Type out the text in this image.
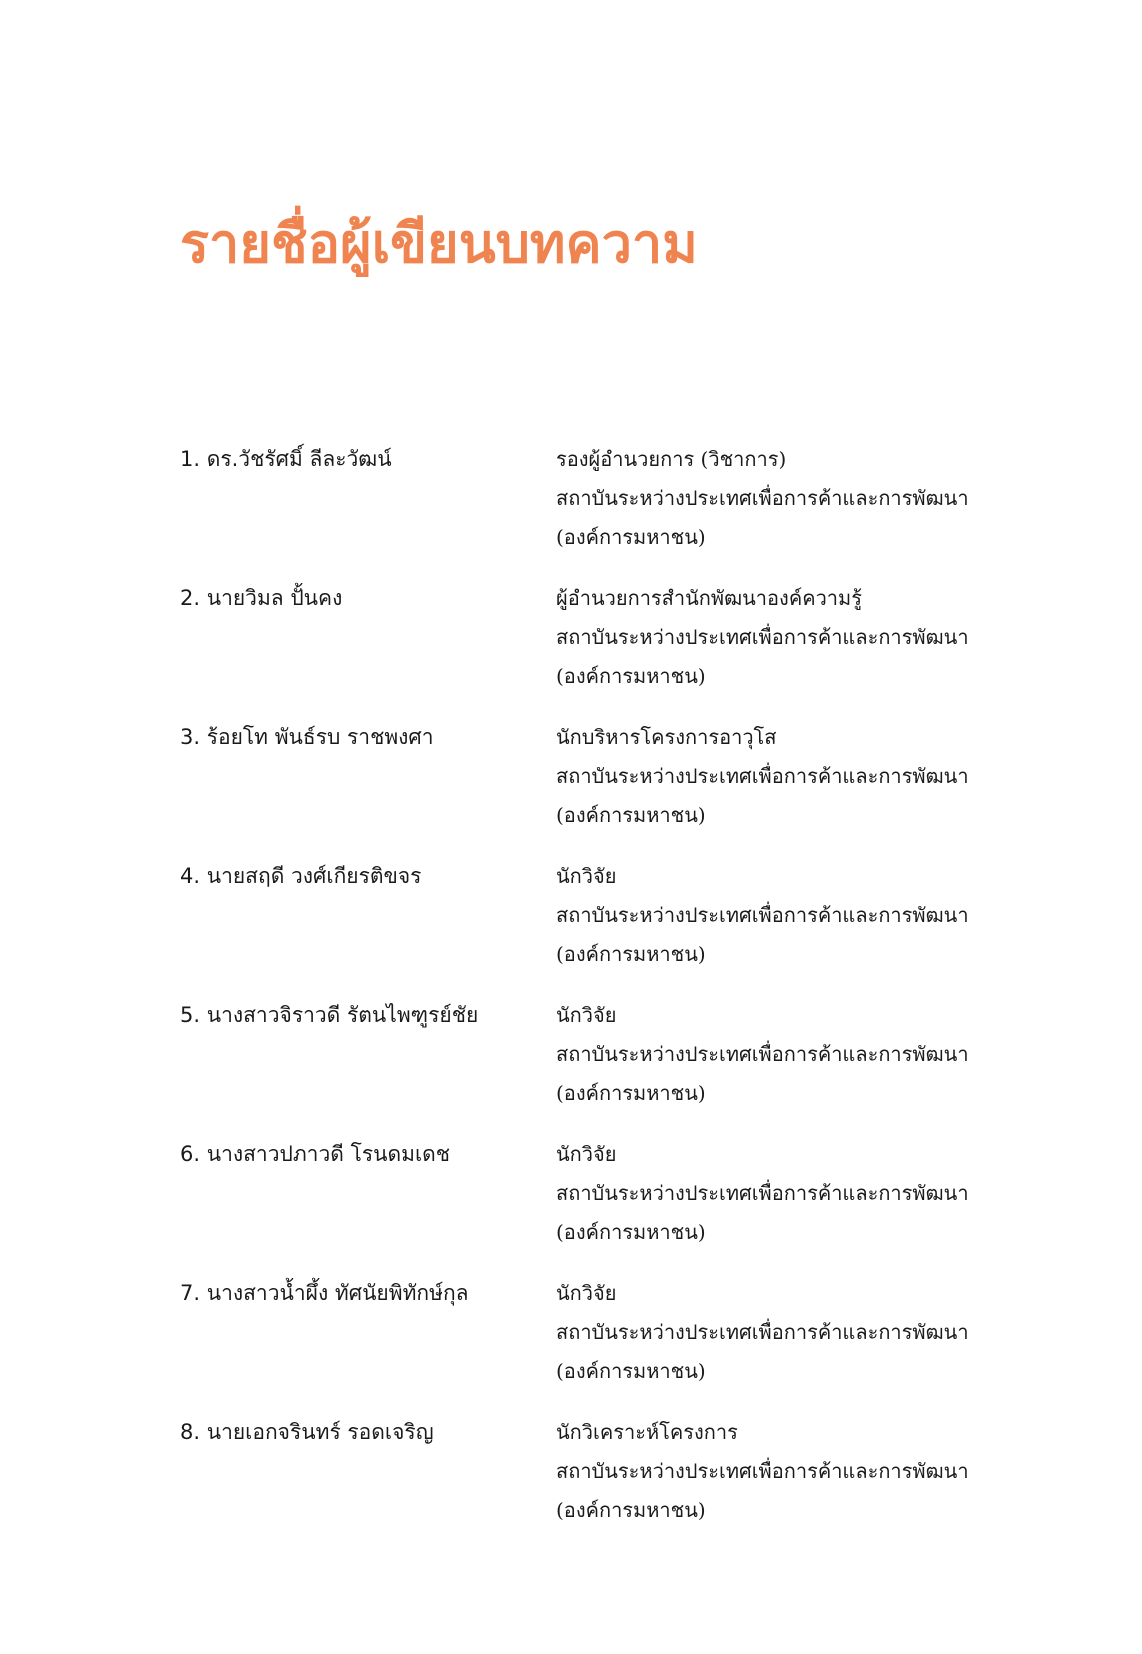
รายชื่อผู้เขียนบทความ
1. ดร.วัชรัศมิ์ ลีละวัฒน์	รองผู้อำนวยการ (วิชาการ)
สถาบันระหว่างประเทศเพื่อการค้าและการพัฒนา
(องค์การมหาชน)
2. นายวิมล ปั้นคง	ผู้อำนวยการสำนักพัฒนาองค์ความรู้
สถาบันระหว่างประเทศเพื่อการค้าและการพัฒนา
(องค์การมหาชน)
3. ร้อยโท พันธ์รบ ราชพงศา	นักบริหารโครงการอาวุโส
สถาบันระหว่างประเทศเพื่อการค้าและการพัฒนา
(องค์การมหาชน)
4. นายสฤดี วงศ์เกียรติขจร	นักวิจัย
สถาบันระหว่างประเทศเพื่อการค้าและการพัฒนา
(องค์การมหาชน)
5. นางสาวจิราวดี รัตนไพฑูรย์ชัย	นักวิจัย
สถาบันระหว่างประเทศเพื่อการค้าและการพัฒนา
(องค์การมหาชน)
6. นางสาวปภาวดี โรนดมเดช	นักวิจัย
สถาบันระหว่างประเทศเพื่อการค้าและการพัฒนา
(องค์การมหาชน)
7. นางสาวน้ำผึ้ง ทัศนัยพิทักษ์กุล	นักวิจัย
สถาบันระหว่างประเทศเพื่อการค้าและการพัฒนา
(องค์การมหาชน)
8. นายเอกจรินทร์ รอดเจริญ	นักวิเคราะห์โครงการ
สถาบันระหว่างประเทศเพื่อการค้าและการพัฒนา
(องค์การมหาชน)
